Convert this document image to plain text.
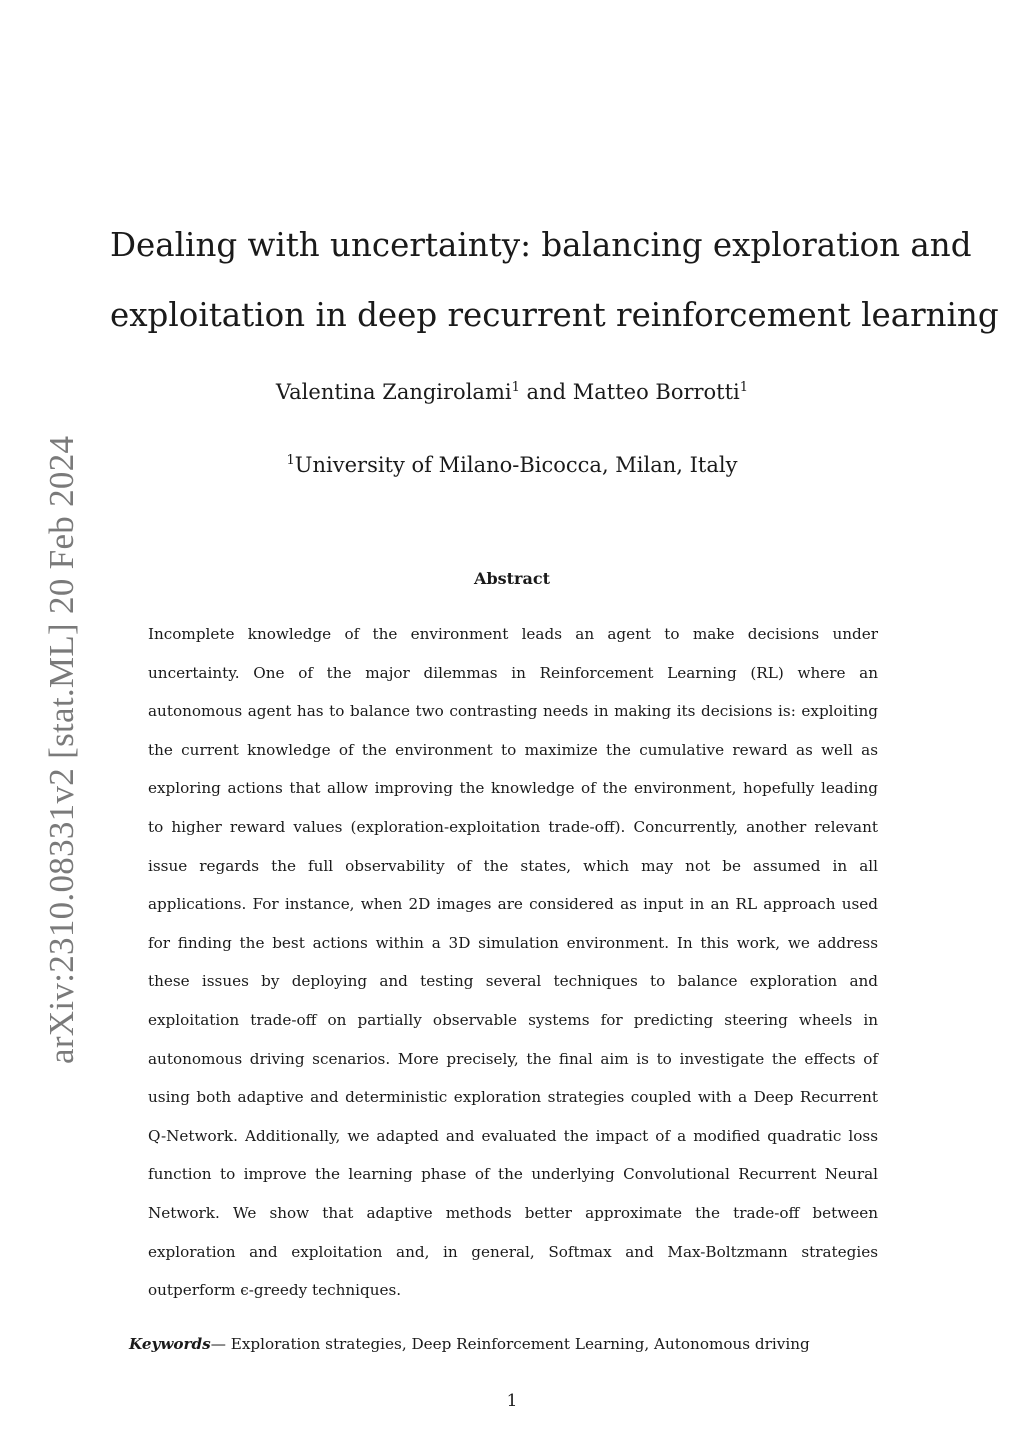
arXiv:2310.08331v2 [stat.ML] 20 Feb 2024
Dealing with uncertainty: balancing exploration and
exploitation in deep recurrent reinforcement learning
Valentina Zangirolami$^1$ and Matteo Borrotti$^1$
$^1$University of Milano-Bicocca, Milan, Italy
Abstract

Incomplete knowledge of the environment leads an agent to make decisions under uncertainty. One of the major dilemmas in Reinforcement Learning (RL) where an autonomous agent has to balance two contrasting needs in making its decisions is: exploiting the current knowledge of the environment to maximize the cumulative reward as well as exploring actions that allow improving the knowledge of the environment, hopefully leading to higher reward values (exploration-exploitation trade-off). Concurrently, another relevant issue regards the full observability of the states, which may not be assumed in all applications. For instance, when 2D images are considered as input in an RL approach used for finding the best actions within a 3D simulation environment. In this work, we address these issues by deploying and testing several techniques to balance exploration and exploitation trade-off on partially observable systems for predicting steering wheels in autonomous driving scenarios. More precisely, the final aim is to investigate the effects of using both adaptive and deterministic exploration strategies coupled with a Deep Recurrent Q-Network. Additionally, we adapted and evaluated the impact of a modified quadratic loss function to improve the learning phase of the underlying Convolutional Recurrent Neural Network. We show that adaptive methods better approximate the trade-off between exploration and exploitation and, in general, Softmax and Max-Boltzmann strategies outperform ϵ-greedy techniques.

Keywords— Exploration strategies, Deep Reinforcement Learning, Autonomous driving
1
